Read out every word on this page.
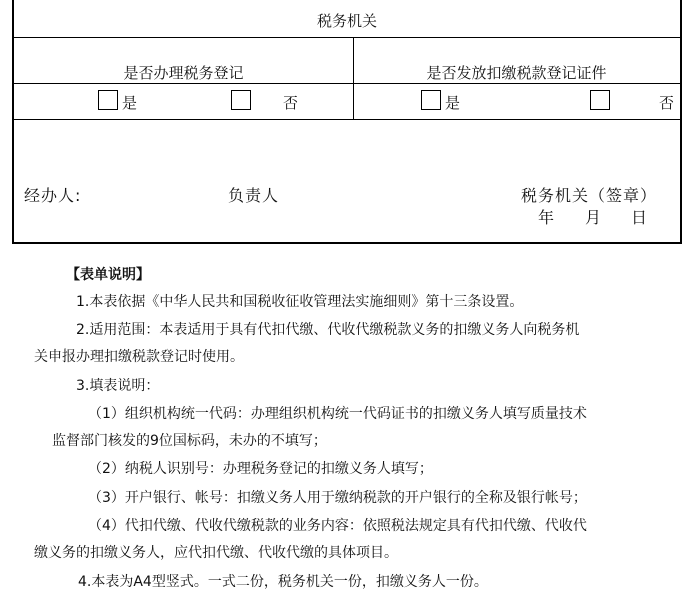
税务机关
是否办理税务登记	是否发放扣缴税款登记证件
是	否	是	否
经办人:	负责人	税务机关（签章）
年 月 日
【表单说明】
1.本表依据《中华人民共和国税收征收管理法实施细则》第十三条设置。
2.适用范围：本表适用于具有代扣代缴、代收代缴税款义务的扣缴义务人向税务机
关申报办理扣缴税款登记时使用。
3.填表说明：
（1）组织机构统一代码：办理组织机构统一代码证书的扣缴义务人填写质量技术
监督部门核发的9位国标码，未办的不填写；
（2）纳税人识别号：办理税务登记的扣缴义务人填写；
（3）开户银行、帐号：扣缴义务人用于缴纳税款的开户银行的全称及银行帐号；
（4）代扣代缴、代收代缴税款的业务内容：依照税法规定具有代扣代缴、代收代
缴义务的扣缴义务人，应代扣代缴、代收代缴的具体项目。
4.本表为A4型竖式。一式二份，税务机关一份，扣缴义务人一份。
